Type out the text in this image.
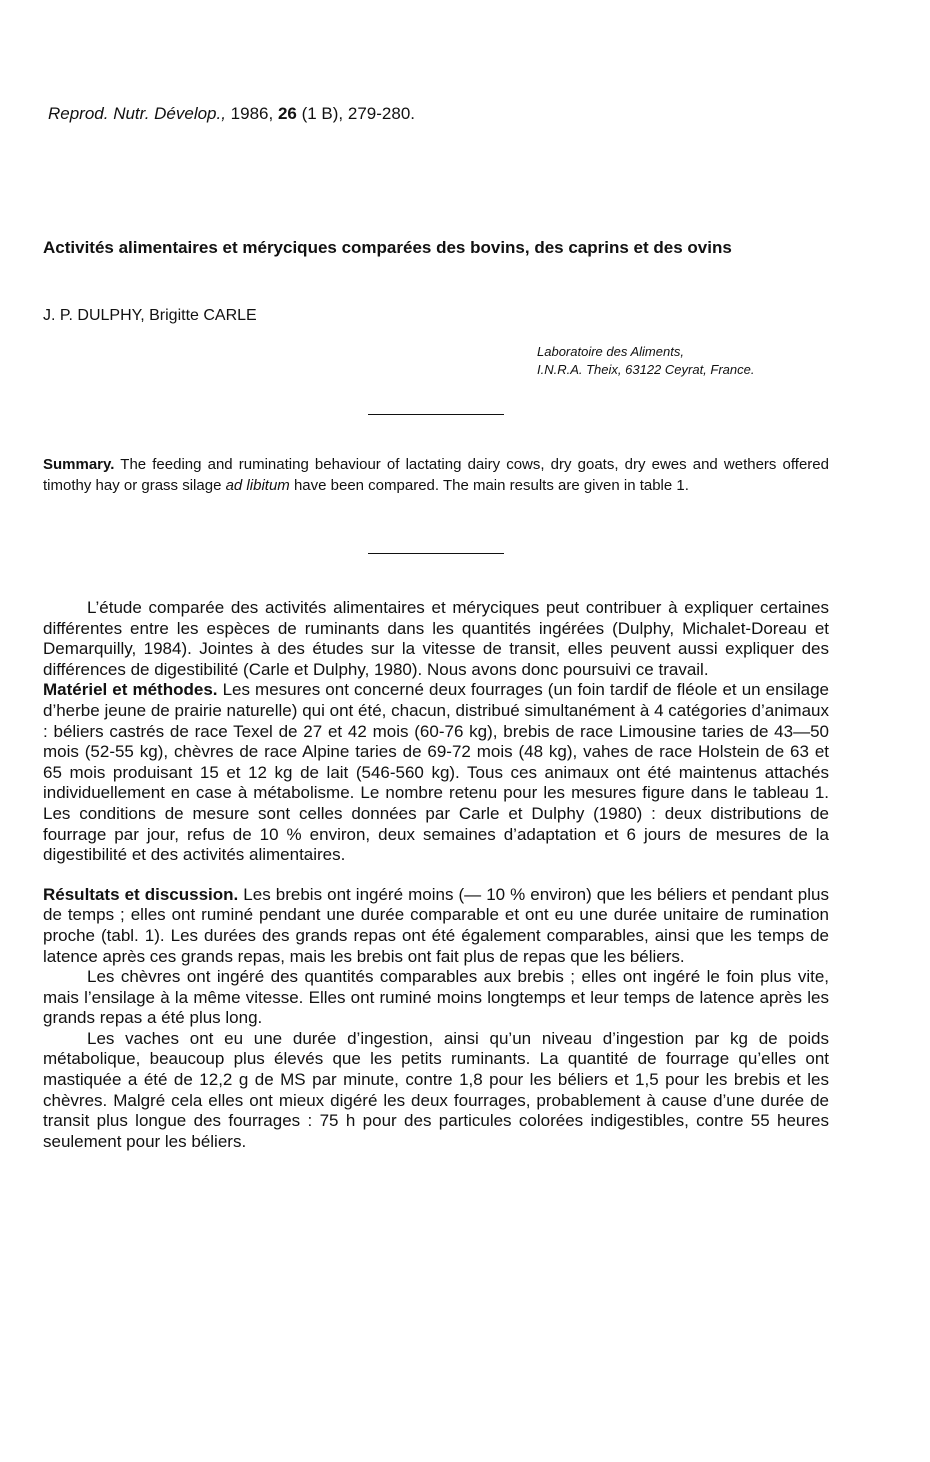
Reprod. Nutr. Dévelop., 1986, 26 (1 B), 279-280.
Activités alimentaires et méryciques comparées des bovins, des caprins et des ovins
J. P. DULPHY, Brigitte CARLE
Laboratoire des Aliments,
I.N.R.A. Theix, 63122 Ceyrat, France.
Summary. The feeding and ruminating behaviour of lactating dairy cows, dry goats, dry ewes and wethers offered timothy hay or grass silage ad libitum have been compared. The main results are given in table 1.

L’étude comparée des activités alimentaires et méryciques peut contribuer à expliquer certaines différentes entre les espèces de ruminants dans les quantités ingérées (Dulphy, Michalet-Doreau et Demarquilly, 1984). Jointes à des études sur la vitesse de transit, elles peuvent aussi expliquer des différences de digestibilité (Carle et Dulphy, 1980). Nous avons donc poursuivi ce travail.

Matériel et méthodes. Les mesures ont concerné deux fourrages (un foin tardif de fléole et un ensilage d’herbe jeune de prairie naturelle) qui ont été, chacun, distribué simultanément à 4 catégories d’animaux : béliers castrés de race Texel de 27 et 42 mois (60-76 kg), brebis de race Limousine taries de 43—50 mois (52-55 kg), chèvres de race Alpine taries de 69-72 mois (48 kg), vahes de race Holstein de 63 et 65 mois produisant 15 et 12 kg de lait (546-560 kg). Tous ces animaux ont été maintenus attachés individuellement en case à métabolisme. Le nombre retenu pour les mesures figure dans le tableau 1. Les conditions de mesure sont celles données par Carle et Dulphy (1980) : deux distributions de fourrage par jour, refus de 10 % environ, deux semaines d’adaptation et 6 jours de mesures de la digestibilité et des activités alimentaires.

Résultats et discussion. Les brebis ont ingéré moins (— 10 % environ) que les béliers et pendant plus de temps ; elles ont ruminé pendant une durée comparable et ont eu une durée unitaire de rumination proche (tabl. 1). Les durées des grands repas ont été également comparables, ainsi que les temps de latence après ces grands repas, mais les brebis ont fait plus de repas que les béliers.

Les chèvres ont ingéré des quantités comparables aux brebis ; elles ont ingéré le foin plus vite, mais l’ensilage à la même vitesse. Elles ont ruminé moins longtemps et leur temps de latence après les grands repas a été plus long.

Les vaches ont eu une durée d’ingestion, ainsi qu’un niveau d’ingestion par kg de poids métabolique, beaucoup plus élevés que les petits ruminants. La quantité de fourrage qu’elles ont mastiquée a été de 12,2 g de MS par minute, contre 1,8 pour les béliers et 1,5 pour les brebis et les chèvres. Malgré cela elles ont mieux digéré les deux fourrages, probablement à cause d’une durée de transit plus longue des fourrages : 75 h pour des particules colorées indigestibles, contre 55 heures seulement pour les béliers.
